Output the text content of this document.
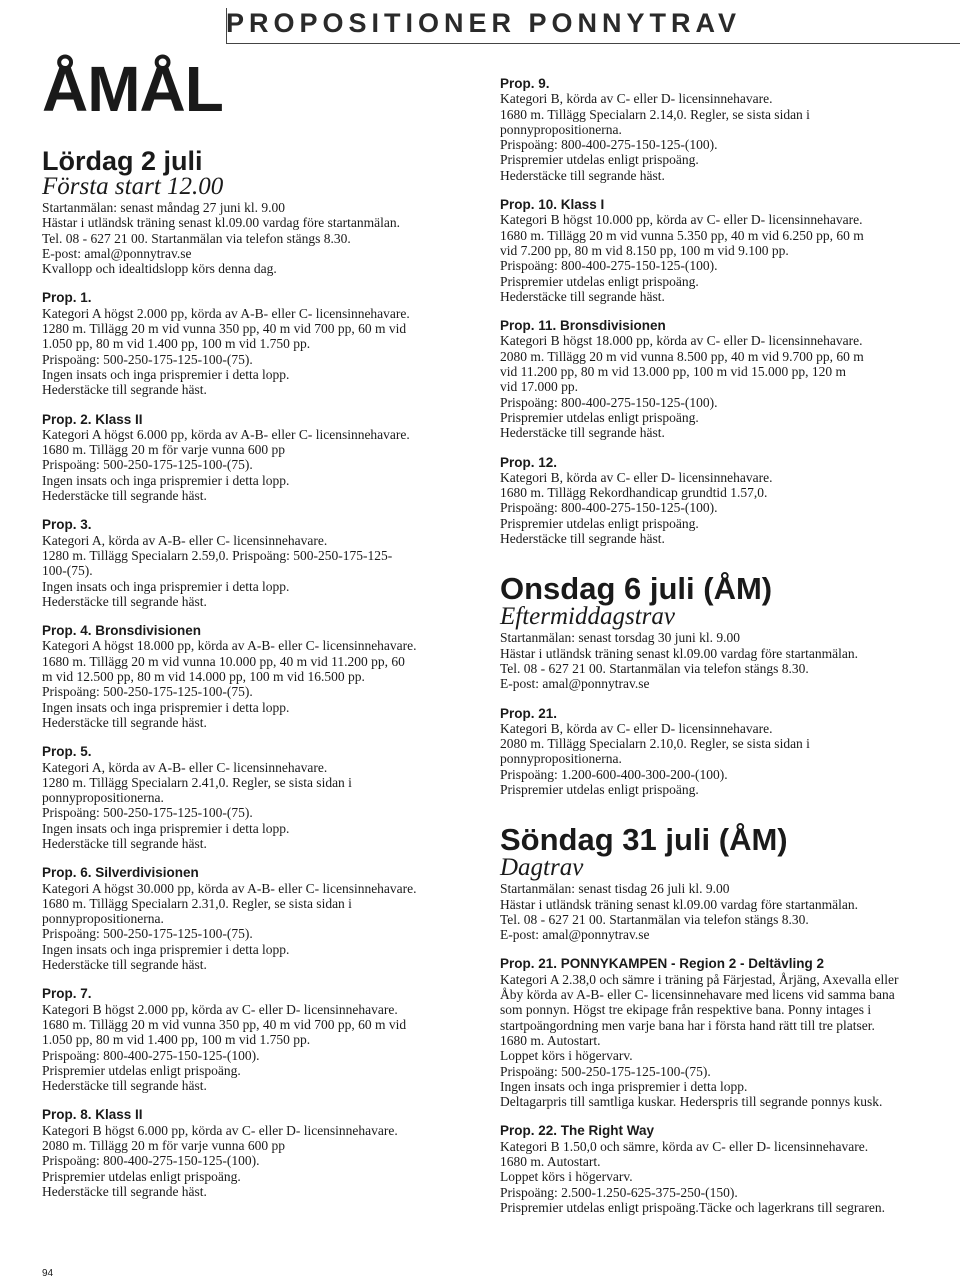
PROPOSITIONER PONNYTRAV
ÅMÅL
Lördag 2 juli
Första start 12.00
Startanmälan: senast måndag 27 juni kl. 9.00
Hästar i utländsk träning senast kl.09.00 vardag före startanmälan.
Tel. 08 - 627 21 00. Startanmälan via telefon stängs 8.30.
E-post: amal@ponnytrav.se
Kvallopp och idealtidslopp körs denna dag.
Prop. 1.
Kategori A högst 2.000 pp, körda av A-B- eller C- licensinnehavare.
1280 m. Tillägg 20 m vid vunna 350 pp, 40 m vid 700 pp, 60 m vid
1.050 pp, 80 m vid 1.400 pp, 100 m vid 1.750 pp.
Prispoäng: 500-250-175-125-100-(75).
Ingen insats och inga prispremier i detta lopp.
Hederstäcke till segrande häst.
Prop. 2. Klass II
Kategori A högst 6.000 pp, körda av A-B- eller C- licensinnehavare.
1680 m. Tillägg 20 m för varje vunna 600 pp
Prispoäng: 500-250-175-125-100-(75).
Ingen insats och inga prispremier i detta lopp.
Hederstäcke till segrande häst.
Prop. 3.
Kategori A, körda av A-B- eller C- licensinnehavare.
1280 m. Tillägg Specialarn 2.59,0. Prispoäng: 500-250-175-125-
100-(75).
Ingen insats och inga prispremier i detta lopp.
Hederstäcke till segrande häst.
Prop. 4. Bronsdivisionen
Kategori A högst 18.000 pp, körda av A-B- eller C- licensinnehavare.
1680 m. Tillägg 20 m vid vunna 10.000 pp, 40 m vid 11.200 pp, 60
m vid 12.500 pp, 80 m vid 14.000 pp, 100 m vid 16.500 pp.
Prispoäng: 500-250-175-125-100-(75).
Ingen insats och inga prispremier i detta lopp.
Hederstäcke till segrande häst.
Prop. 5.
Kategori A, körda av A-B- eller C- licensinnehavare.
1280 m. Tillägg Specialarn 2.41,0. Regler, se sista sidan i
ponnypropositionerna.
Prispoäng: 500-250-175-125-100-(75).
Ingen insats och inga prispremier i detta lopp.
Hederstäcke till segrande häst.
Prop. 6. Silverdivisionen
Kategori A högst 30.000 pp, körda av A-B- eller C- licensinnehavare.
1680 m. Tillägg Specialarn 2.31,0. Regler, se sista sidan i
ponnypropositionerna.
Prispoäng: 500-250-175-125-100-(75).
Ingen insats och inga prispremier i detta lopp.
Hederstäcke till segrande häst.
Prop. 7.
Kategori B högst 2.000 pp, körda av C- eller D- licensinnehavare.
1680 m. Tillägg 20 m vid vunna 350 pp, 40 m vid 700 pp, 60 m vid
1.050 pp, 80 m vid 1.400 pp, 100 m vid 1.750 pp.
Prispoäng: 800-400-275-150-125-(100).
Prispremier utdelas enligt prispoäng.
Hederstäcke till segrande häst.
Prop. 8. Klass II
Kategori B högst 6.000 pp, körda av C- eller D- licensinnehavare.
2080 m. Tillägg 20 m för varje vunna 600 pp
Prispoäng: 800-400-275-150-125-(100).
Prispremier utdelas enligt prispoäng.
Hederstäcke till segrande häst.
Prop. 9.
Kategori B, körda av C- eller D- licensinnehavare.
1680 m. Tillägg Specialarn 2.14,0. Regler, se sista sidan i
ponnypropositionerna.
Prispoäng: 800-400-275-150-125-(100).
Prispremier utdelas enligt prispoäng.
Hederstäcke till segrande häst.
Prop. 10. Klass I
Kategori B högst 10.000 pp, körda av C- eller D- licensinnehavare.
1680 m. Tillägg 20 m vid vunna 5.350 pp, 40 m vid 6.250 pp, 60 m
vid 7.200 pp, 80 m vid 8.150 pp, 100 m vid 9.100 pp.
Prispoäng: 800-400-275-150-125-(100).
Prispremier utdelas enligt prispoäng.
Hederstäcke till segrande häst.
Prop. 11. Bronsdivisionen
Kategori B högst 18.000 pp, körda av C- eller D- licensinnehavare.
2080 m. Tillägg 20 m vid vunna 8.500 pp, 40 m vid 9.700 pp, 60 m
vid 11.200 pp, 80 m vid 13.000 pp, 100 m vid 15.000 pp, 120 m
vid 17.000 pp.
Prispoäng: 800-400-275-150-125-(100).
Prispremier utdelas enligt prispoäng.
Hederstäcke till segrande häst.
Prop. 12.
Kategori B, körda av C- eller D- licensinnehavare.
1680 m. Tillägg Rekordhandicap grundtid 1.57,0.
Prispoäng: 800-400-275-150-125-(100).
Prispremier utdelas enligt prispoäng.
Hederstäcke till segrande häst.
Onsdag 6 juli (ÅM)
Eftermiddagstrav
Startanmälan: senast torsdag 30 juni kl. 9.00
Hästar i utländsk träning senast kl.09.00 vardag före startanmälan.
Tel. 08 - 627 21 00. Startanmälan via telefon stängs 8.30.
E-post: amal@ponnytrav.se
Prop. 21.
Kategori B, körda av C- eller D- licensinnehavare.
2080 m. Tillägg Specialarn 2.10,0. Regler, se sista sidan i
ponnypropositionerna.
Prispoäng: 1.200-600-400-300-200-(100).
Prispremier utdelas enligt prispoäng.
Söndag 31 juli (ÅM)
Dagtrav
Startanmälan: senast tisdag 26 juli kl. 9.00
Hästar i utländsk träning senast kl.09.00 vardag före startanmälan.
Tel. 08 - 627 21 00. Startanmälan via telefon stängs 8.30.
E-post: amal@ponnytrav.se
Prop. 21. PONNYKAMPEN - Region 2 - Deltävling 2
Kategori A 2.38,0 och sämre i träning på Färjestad, Årjäng, Axevalla eller
Åby körda av A-B- eller C- licensinnehavare med licens vid samma bana
som ponnyn. Högst tre ekipage från respektive bana. Ponny intages i
startpoängordning men varje bana har i första hand rätt till tre platser.
1680 m. Autostart.
Loppet körs i högervarv.
Prispoäng: 500-250-175-125-100-(75).
Ingen insats och inga prispremier i detta lopp.
Deltagarpris till samtliga kuskar. Hederspris till segrande ponnys kusk.
Prop. 22. The Right Way
Kategori B 1.50,0 och sämre, körda av C- eller D- licensinnehavare.
1680 m. Autostart.
Loppet körs i högervarv.
Prispoäng: 2.500-1.250-625-375-250-(150).
Prispremier utdelas enligt prispoäng.Täcke och lagerkrans till segraren.
94
